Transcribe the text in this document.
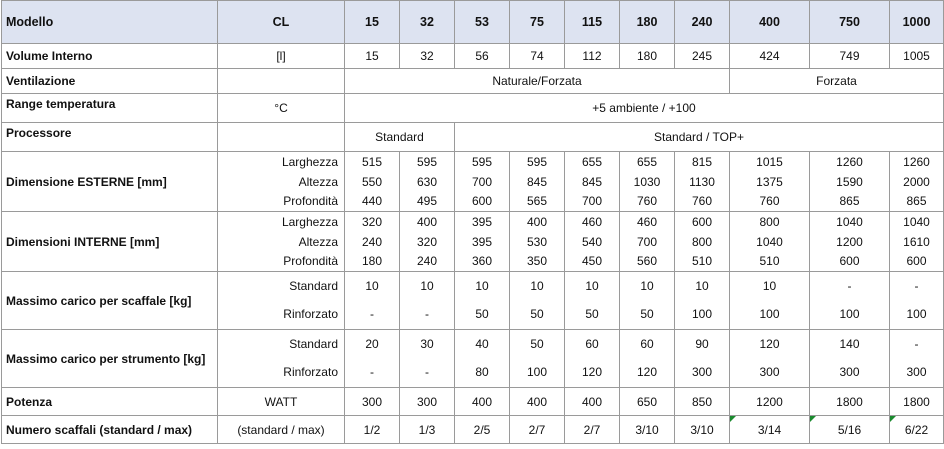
Modello	CL	15	32	53	75	115	180	240	400	750	1000
Volume Interno	[l]	15	32	56	74	112	180	245	424	749	1005
Ventilazione		Naturale/Forzata							Forzata		
Range temperatura	°C	+5 ambiente / +100									
Processore		Standard		Standard / TOP+							
Dimensione ESTERNE [mm]	Larghezza	515	595	595	595	655	655	815	1015	1260	1260
	Altezza	550	630	700	845	845	1030	1130	1375	1590	2000
	Profondità	440	495	600	565	700	760	760	760	865	865
Dimensioni INTERNE [mm]	Larghezza	320	400	395	400	460	460	600	800	1040	1040
	Altezza	240	320	395	530	540	700	800	1040	1200	1610
	Profondità	180	240	360	350	450	560	510	510	600	600
Massimo carico per scaffale [kg]	Standard	10	10	10	10	10	10	10	10	-	-
	Rinforzato	-	-	50	50	50	50	100	100	100	100
Massimo carico per strumento [kg]	Standard	20	30	40	50	60	60	90	120	140	-
	Rinforzato	-	-	80	100	120	120	300	300	300	300
Potenza	WATT	300	300	400	400	400	650	850	1200	1800	1800
Numero scaffali (standard / max)	(standard / max)	1/2	1/3	2/5	2/7	2/7	3/10	3/10	3/14	5/16	6/22
